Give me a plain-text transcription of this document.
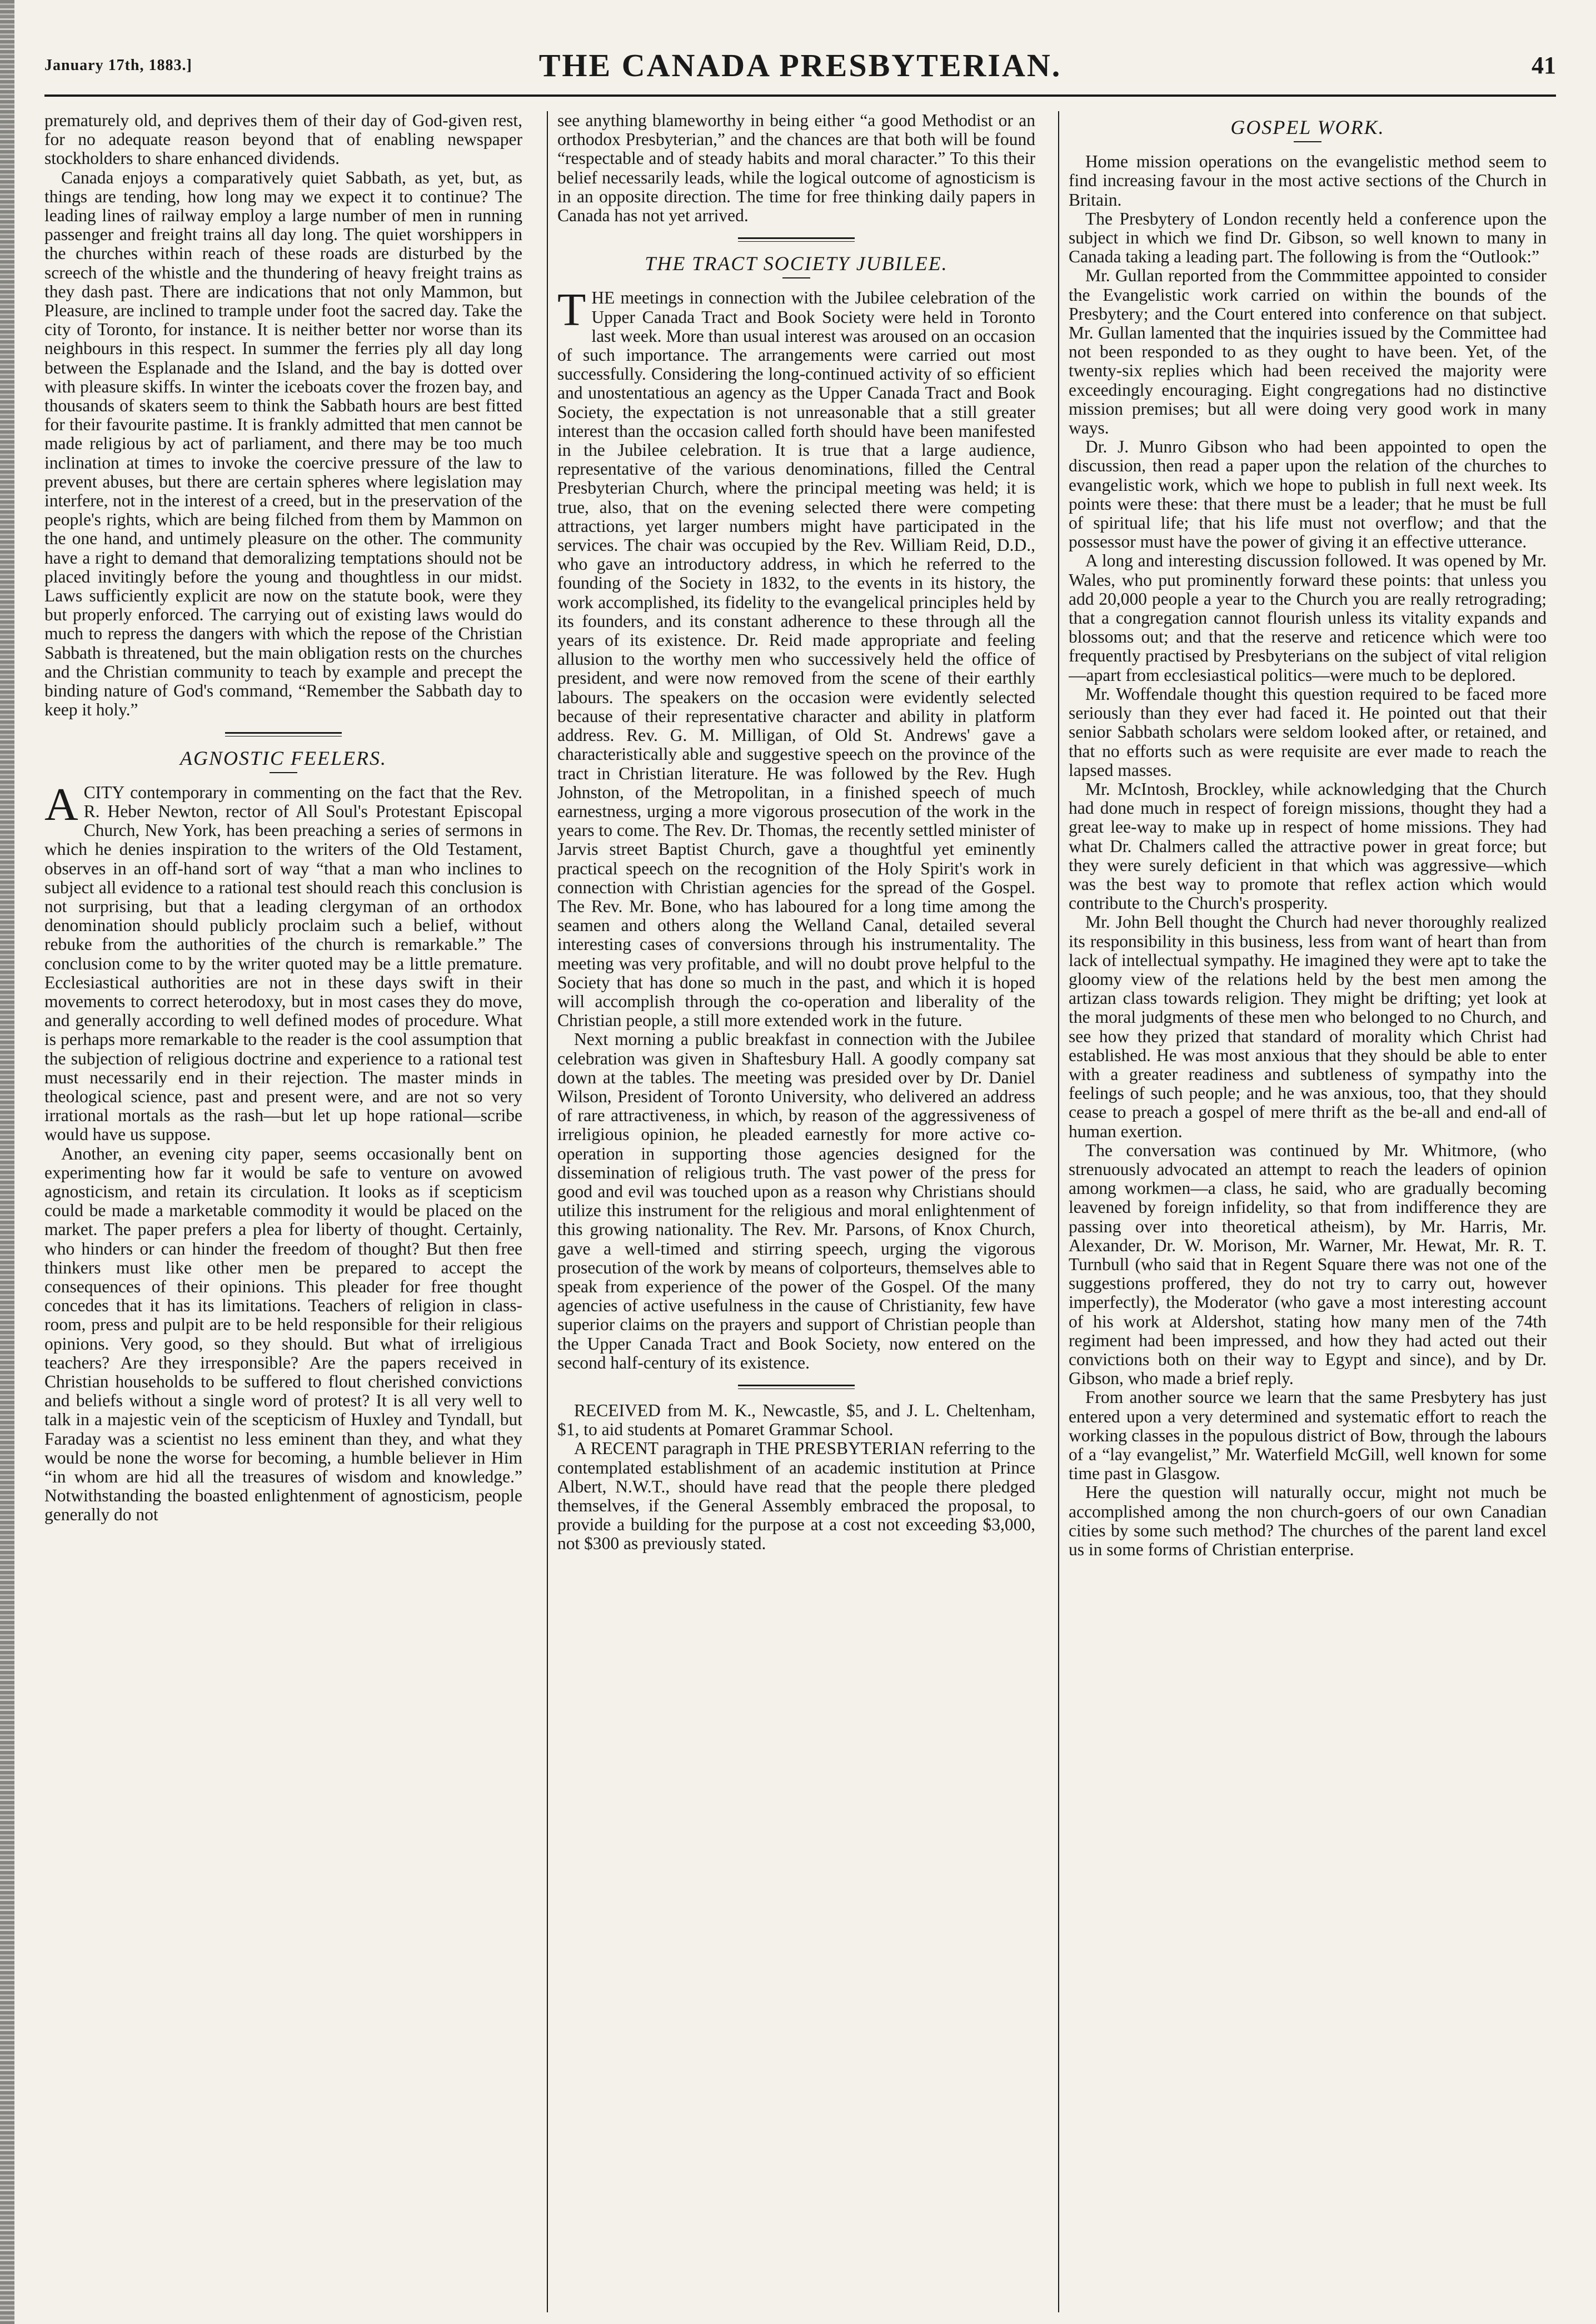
January 17th, 1883.]	THE CANADA PRESBYTERIAN.	41

prematurely old, and deprives them of their day of God-given rest, for no adequate reason beyond that of enabling newspaper stockholders to share enhanced dividends.

Canada enjoys a comparatively quiet Sabbath, as yet, but, as things are tending, how long may we expect it to continue? The leading lines of railway employ a large number of men in running passenger and freight trains all day long. The quiet worshippers in the churches within reach of these roads are disturbed by the screech of the whistle and the thundering of heavy freight trains as they dash past. There are indications that not only Mammon, but Pleasure, are inclined to trample under foot the sacred day. Take the city of Toronto, for instance. It is neither better nor worse than its neighbours in this respect. In summer the ferries ply all day long between the Esplanade and the Island, and the bay is dotted over with pleasure skiffs. In winter the iceboats cover the frozen bay, and thousands of skaters seem to think the Sabbath hours are best fitted for their favourite pastime. It is frankly admitted that men cannot be made religious by act of parliament, and there may be too much inclination at times to invoke the coercive pressure of the law to prevent abuses, but there are certain spheres where legislation may interfere, not in the interest of a creed, but in the preservation of the people's rights, which are being filched from them by Mammon on the one hand, and untimely pleasure on the other. The community have a right to demand that demoralizing temptations should not be placed invitingly before the young and thoughtless in our midst. Laws sufficiently explicit are now on the statute book, were they but properly enforced. The carrying out of existing laws would do much to repress the dangers with which the repose of the Christian Sabbath is threatened, but the main obligation rests on the churches and the Christian community to teach by example and precept the binding nature of God's command, “Remember the Sabbath day to keep it holy.”

AGNOSTIC FEELERS.

ACITY contemporary in commenting on the fact that the Rev. R. Heber Newton, rector of All Soul's Protestant Episcopal Church, New York, has been preaching a series of sermons in which he denies inspiration to the writers of the Old Testament, observes in an off-hand sort of way “that a man who inclines to subject all evidence to a rational test should reach this conclusion is not surprising, but that a leading clergyman of an orthodox denomination should publicly proclaim such a belief, without rebuke from the authorities of the church is remarkable.” The conclusion come to by the writer quoted may be a little premature. Ecclesiastical authorities are not in these days swift in their movements to correct heterodoxy, but in most cases they do move, and generally according to well defined modes of procedure. What is perhaps more remarkable to the reader is the cool assumption that the subjection of religious doctrine and experience to a rational test must necessarily end in their rejection. The master minds in theological science, past and present were, and are not so very irrational mortals as the rash—but let up hope rational—scribe would have us suppose.

Another, an evening city paper, seems occasionally bent on experimenting how far it would be safe to venture on avowed agnosticism, and retain its circulation. It looks as if scepticism could be made a marketable commodity it would be placed on the market. The paper prefers a plea for liberty of thought. Certainly, who hinders or can hinder the freedom of thought? But then free thinkers must like other men be prepared to accept the consequences of their opinions. This pleader for free thought concedes that it has its limitations. Teachers of religion in class-room, press and pulpit are to be held responsible for their religious opinions. Very good, so they should. But what of irreligious teachers? Are they irresponsible? Are the papers received in Christian households to be suffered to flout cherished convictions and beliefs without a single word of protest? It is all very well to talk in a majestic vein of the scepticism of Huxley and Tyndall, but Faraday was a scientist no less eminent than they, and what they would be none the worse for becoming, a humble believer in Him “in whom are hid all the treasures of wisdom and knowledge.” Notwithstanding the boasted enlightenment of agnosticism, people generally do not

see anything blameworthy in being either “a good Methodist or an orthodox Presbyterian,” and the chances are that both will be found “respectable and of steady habits and moral character.” To this their belief necessarily leads, while the logical outcome of agnosticism is in an opposite direction. The time for free thinking daily papers in Canada has not yet arrived.

THE TRACT SOCIETY JUBILEE.

THE meetings in connection with the Jubilee celebration of the Upper Canada Tract and Book Society were held in Toronto last week. More than usual interest was aroused on an occasion of such importance. The arrangements were carried out most successfully. Considering the long-continued activity of so efficient and unostentatious an agency as the Upper Canada Tract and Book Society, the expectation is not unreasonable that a still greater interest than the occasion called forth should have been manifested in the Jubilee celebration. It is true that a large audience, representative of the various denominations, filled the Central Presbyterian Church, where the principal meeting was held; it is true, also, that on the evening selected there were competing attractions, yet larger numbers might have participated in the services. The chair was occupied by the Rev. William Reid, D.D., who gave an introductory address, in which he referred to the founding of the Society in 1832, to the events in its history, the work accomplished, its fidelity to the evangelical principles held by its founders, and its constant adherence to these through all the years of its existence. Dr. Reid made appropriate and feeling allusion to the worthy men who successively held the office of president, and were now removed from the scene of their earthly labours. The speakers on the occasion were evidently selected because of their representative character and ability in platform address. Rev. G. M. Milligan, of Old St. Andrews' gave a characteristically able and suggestive speech on the province of the tract in Christian literature. He was followed by the Rev. Hugh Johnston, of the Metropolitan, in a finished speech of much earnestness, urging a more vigorous prosecution of the work in the years to come. The Rev. Dr. Thomas, the recently settled minister of Jarvis street Baptist Church, gave a thoughtful yet eminently practical speech on the recognition of the Holy Spirit's work in connection with Christian agencies for the spread of the Gospel. The Rev. Mr. Bone, who has laboured for a long time among the seamen and others along the Welland Canal, detailed several interesting cases of conversions through his instrumentality. The meeting was very profitable, and will no doubt prove helpful to the Society that has done so much in the past, and which it is hoped will accomplish through the co-operation and liberality of the Christian people, a still more extended work in the future.

Next morning a public breakfast in connection with the Jubilee celebration was given in Shaftesbury Hall. A goodly company sat down at the tables. The meeting was presided over by Dr. Daniel Wilson, President of Toronto University, who delivered an address of rare attractiveness, in which, by reason of the aggressiveness of irreligious opinion, he pleaded earnestly for more active co-operation in supporting those agencies designed for the dissemination of religious truth. The vast power of the press for good and evil was touched upon as a reason why Christians should utilize this instrument for the religious and moral enlightenment of this growing nationality. The Rev. Mr. Parsons, of Knox Church, gave a well-timed and stirring speech, urging the vigorous prosecution of the work by means of colporteurs, themselves able to speak from experience of the power of the Gospel. Of the many agencies of active usefulness in the cause of Christianity, few have superior claims on the prayers and support of Christian people than the Upper Canada Tract and Book Society, now entered on the second half-century of its existence.

RECEIVED from M. K., Newcastle, $5, and J. L. Cheltenham, $1, to aid students at Pomaret Grammar School.

A RECENT paragraph in THE PRESBYTERIAN referring to the contemplated establishment of an academic institution at Prince Albert, N.W.T., should have read that the people there pledged themselves, if the General Assembly embraced the proposal, to provide a building for the purpose at a cost not exceeding $3,000, not $300 as previously stated.

GOSPEL WORK.

Home mission operations on the evangelistic method seem to find increasing favour in the most active sections of the Church in Britain.

The Presbytery of London recently held a conference upon the subject in which we find Dr. Gibson, so well known to many in Canada taking a leading part. The following is from the “Outlook:”

Mr. Gullan reported from the Commmittee appointed to consider the Evangelistic work carried on within the bounds of the Presbytery; and the Court entered into conference on that subject. Mr. Gullan lamented that the inquiries issued by the Committee had not been responded to as they ought to have been. Yet, of the twenty-six replies which had been received the majority were exceedingly encouraging. Eight congregations had no distinctive mission premises; but all were doing very good work in many ways.

Dr. J. Munro Gibson who had been appointed to open the discussion, then read a paper upon the relation of the churches to evangelistic work, which we hope to publish in full next week. Its points were these: that there must be a leader; that he must be full of spiritual life; that his life must not overflow; and that the possessor must have the power of giving it an effective utterance.

A long and interesting discussion followed. It was opened by Mr. Wales, who put prominently forward these points: that unless you add 20,000 people a year to the Church you are really retrograding; that a congregation cannot flourish unless its vitality expands and blossoms out; and that the reserve and reticence which were too frequently practised by Presbyterians on the subject of vital religion—apart from ecclesiastical politics—were much to be deplored.

Mr. Woffendale thought this question required to be faced more seriously than they ever had faced it. He pointed out that their senior Sabbath scholars were seldom looked after, or retained, and that no efforts such as were requisite are ever made to reach the lapsed masses.

Mr. McIntosh, Brockley, while acknowledging that the Church had done much in respect of foreign missions, thought they had a great lee-way to make up in respect of home missions. They had what Dr. Chalmers called the attractive power in great force; but they were surely deficient in that which was aggressive—which was the best way to promote that reflex action which would contribute to the Church's prosperity.

Mr. John Bell thought the Church had never thoroughly realized its responsibility in this business, less from want of heart than from lack of intellectual sympathy. He imagined they were apt to take the gloomy view of the relations held by the best men among the artizan class towards religion. They might be drifting; yet look at the moral judgments of these men who belonged to no Church, and see how they prized that standard of morality which Christ had established. He was most anxious that they should be able to enter with a greater readiness and subtleness of sympathy into the feelings of such people; and he was anxious, too, that they should cease to preach a gospel of mere thrift as the be-all and end-all of human exertion.

The conversation was continued by Mr. Whitmore, (who strenuously advocated an attempt to reach the leaders of opinion among workmen—a class, he said, who are gradually becoming leavened by foreign infidelity, so that from indifference they are passing over into theoretical atheism), by Mr. Harris, Mr. Alexander, Dr. W. Morison, Mr. Warner, Mr. Hewat, Mr. R. T. Turnbull (who said that in Regent Square there was not one of the suggestions proffered, they do not try to carry out, however imperfectly), the Moderator (who gave a most interesting account of his work at Aldershot, stating how many men of the 74th regiment had been impressed, and how they had acted out their convictions both on their way to Egypt and since), and by Dr. Gibson, who made a brief reply.

From another source we learn that the same Presbytery has just entered upon a very determined and systematic effort to reach the working classes in the populous district of Bow, through the labours of a “lay evangelist,” Mr. Waterfield McGill, well known for some time past in Glasgow.

Here the question will naturally occur, might not much be accomplished among the non church-goers of our own Canadian cities by some such method? The churches of the parent land excel us in some forms of Christian enterprise.
